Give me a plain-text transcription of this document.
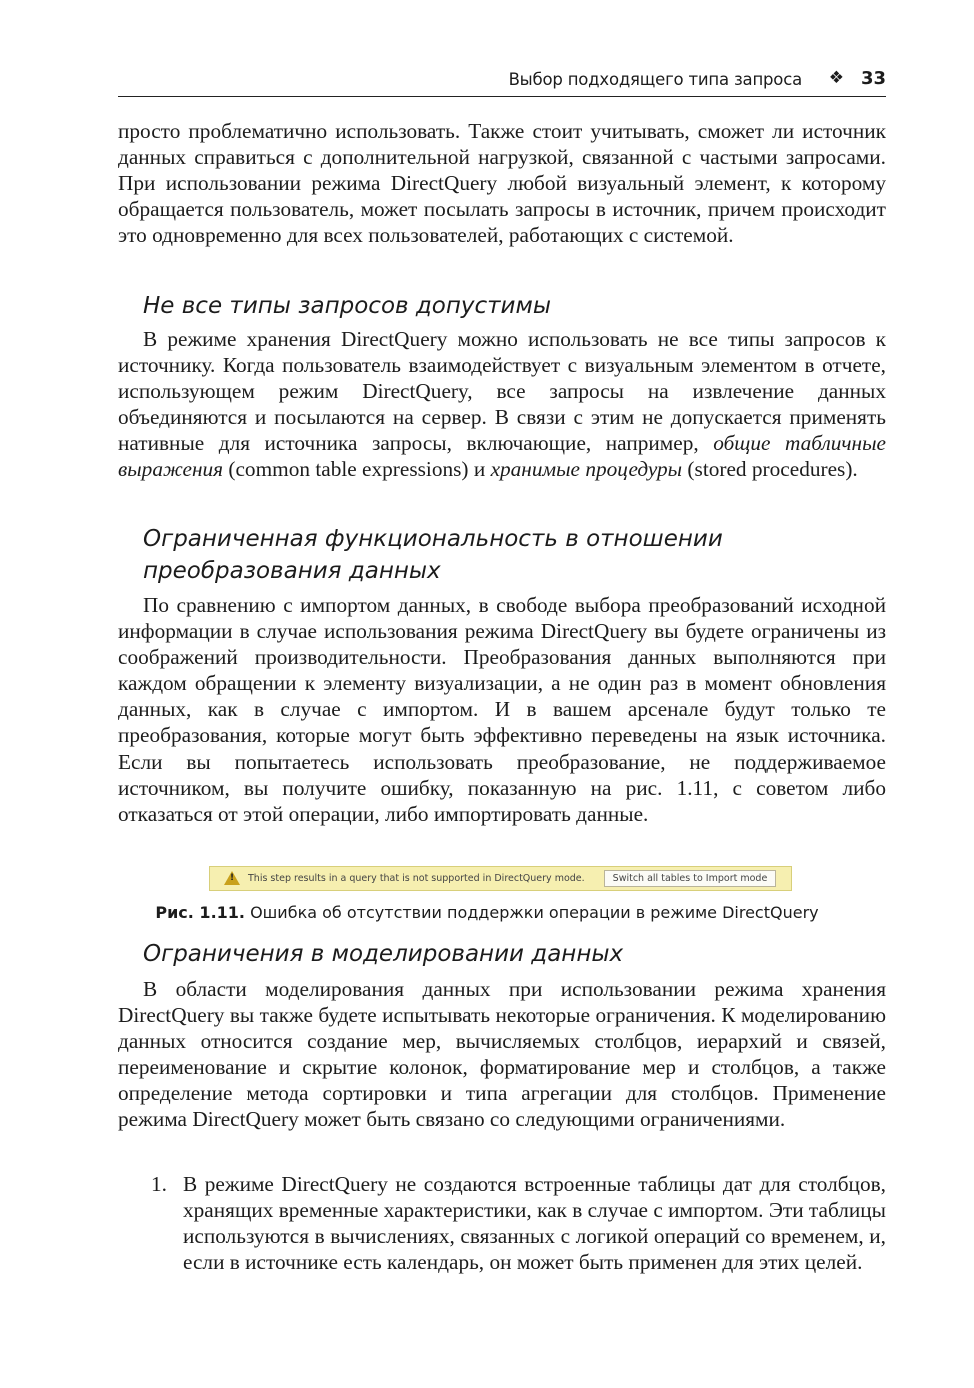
Выбор подходящего типа запроса ❖ 33

просто проблематично использовать. Также стоит учитывать, сможет ли источник данных справиться с дополнительной нагрузкой, связанной с частыми запросами. При использовании режима DirectQuery любой визуальный элемент, к которому обращается пользователь, может посылать запросы в источник, причем происходит это одновременно для всех пользователей, работающих с системой.

Не все типы запросов допустимы

В режиме хранения DirectQuery можно использовать не все типы запросов к источнику. Когда пользователь взаимодействует с визуальным элементом в отчете, использующем режим DirectQuery, все запросы на извлечение данных объединяются и посылаются на сервер. В связи с этим не допускается применять нативные для источника запросы, включающие, например, общие табличные выражения (common table expressions) и хранимые процедуры (stored procedures).

Ограниченная функциональность в отношении
преобразования данных

По сравнению с импортом данных, в свободе выбора преобразований исходной информации в случае использования режима DirectQuery вы будете ограничены из соображений производительности. Преобразования данных выполняются при каждом обращении к элементу визуализации, а не один раз в момент обновления данных, как в случае с импортом. И в вашем арсенале будут только те преобразования, которые могут быть эффективно переведены на язык источника. Если вы попытаетесь использовать преобразование, не поддерживаемое источником, вы получите ошибку, показанную на рис. 1.11, с советом либо отказаться от этой операции, либо импортировать данные.

!
This step results in a query that is not supported in DirectQuery mode.	Switch all tables to Import mode
Рис. 1.11. Ошибка об отсутствии поддержки операции в режиме DirectQuery
Ограничения в моделировании данных

В области моделирования данных при использовании режима хранения DirectQuery вы также будете испытывать некоторые ограничения. К моделированию данных относится создание мер, вычисляемых столбцов, иерархий и связей, переименование и скрытие колонок, форматирование мер и столбцов, а также определение метода сортировки и типа агрегации для столбцов. Применение режима DirectQuery может быть связано со следующими ограничениями.

1. В режиме DirectQuery не создаются встроенные таблицы дат для столбцов, хранящих временные характеристики, как в случае с импортом. Эти таблицы используются в вычислениях, связанных с логикой операций со временем, и, если в источнике есть календарь, он может быть применен для этих целей.
